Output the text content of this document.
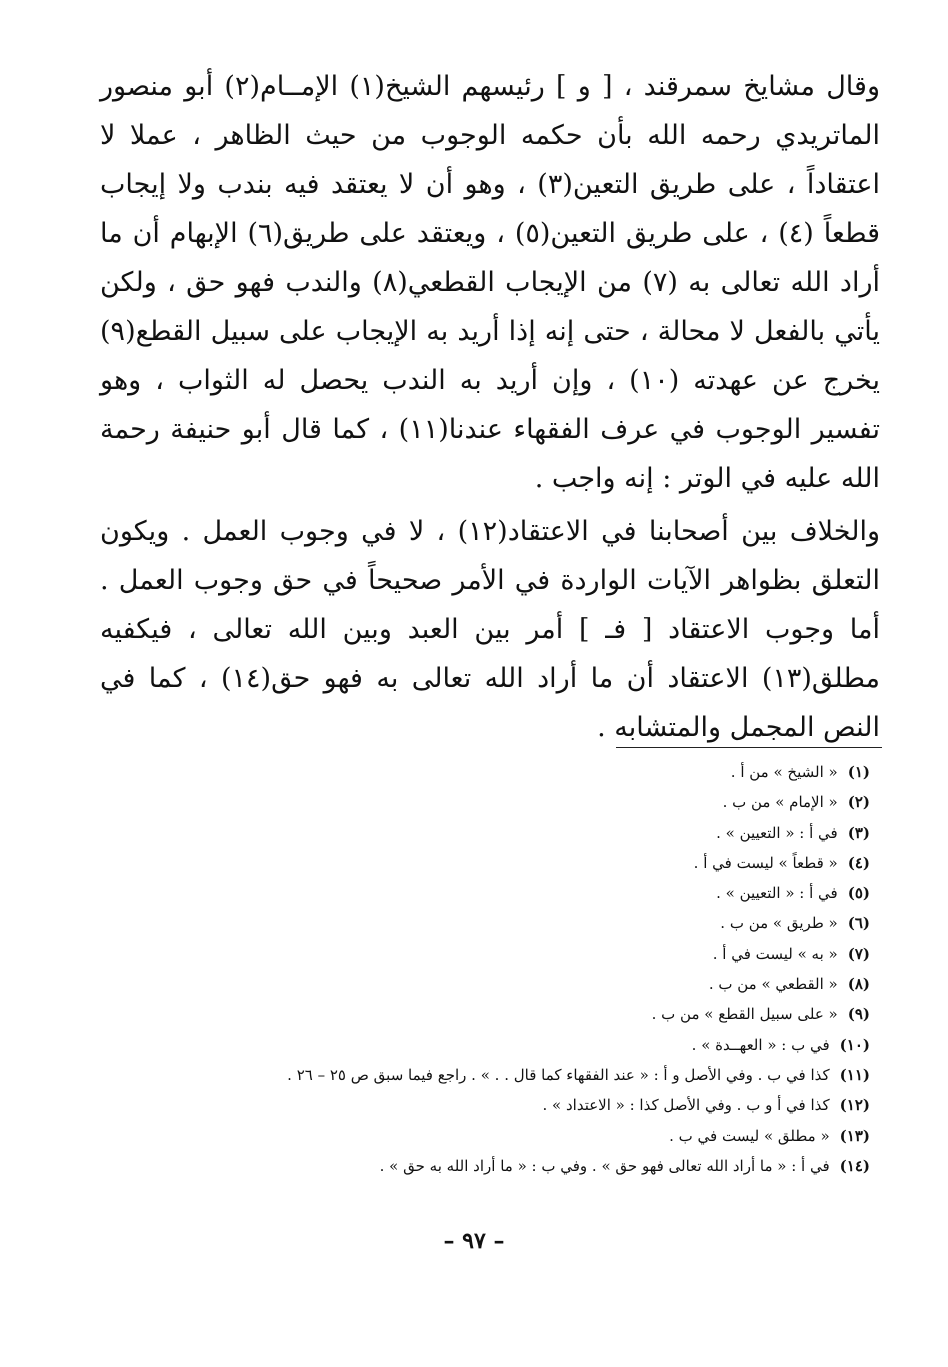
وقال مشايخ سمرقند ، [ و ] رئيسهم الشيخ(١) الإمــام(٢) أبو منصور الماتريدي رحمه الله بأن حكمه الوجوب من حيث الظاهر ، عملا لا اعتقاداً ، على طريق التعين(٣) ، وهو أن لا يعتقد فيه بندب ولا إيجاب قطعاً (٤) ، على طريق التعين(٥) ، ويعتقد على طريق(٦) الإبهام أن ما أراد الله تعالى به (٧) من الإيجاب القطعي(٨) والندب فهو حق ، ولكن يأتي بالفعل لا محالة ، حتى إنه إذا أريد به الإيجاب على سبيل القطع(٩) يخرج عن عهدته (١٠) ، وإن أريد به الندب يحصل له الثواب ، وهو تفسير الوجوب في عرف الفقهاء عندنا(١١) ، كما قال أبو حنيفة رحمة الله عليه في الوتر : إنه واجب .

والخلاف بين أصحابنا في الاعتقاد(١٢) ، لا في وجوب العمل . ويكون التعلق بظواهر الآيات الواردة في الأمر صحيحاً في حق وجوب العمل . أما وجوب الاعتقاد [ فـ ] أمر بين العبد وبين الله تعالى ، فيكفيه مطلق(١٣) الاعتقاد أن ما أراد الله تعالى به فهو حق(١٤) ، كما في النص المجمل والمتشابه .

(١)« الشيخ » من أ .
(٢)« الإمام » من ب .
(٣)في أ : « التعيين » .
(٤)« قطعاً » ليست في أ .
(٥)في أ : « التعيين » .
(٦)« طريق » من ب .
(٧)« به » ليست في أ .
(٨)« القطعي » من ب .
(٩)« على سبيل القطع » من ب .
(١٠)في ب : « العهــدة » .
(١١)كذا في ب . وفي الأصل و أ : « عند الفقهاء كما قال . . » . راجع فيما سبق ص ٢٥ – ٢٦ .
(١٢)كذا في أ و ب . وفي الأصل كذا : « الاعتداد » .
(١٣)« مطلق » ليست في ب .
(١٤)في أ : « ما أراد الله تعالى فهو حق » . وفي ب : « ما أراد الله به حق » .
– ٩٧ –
